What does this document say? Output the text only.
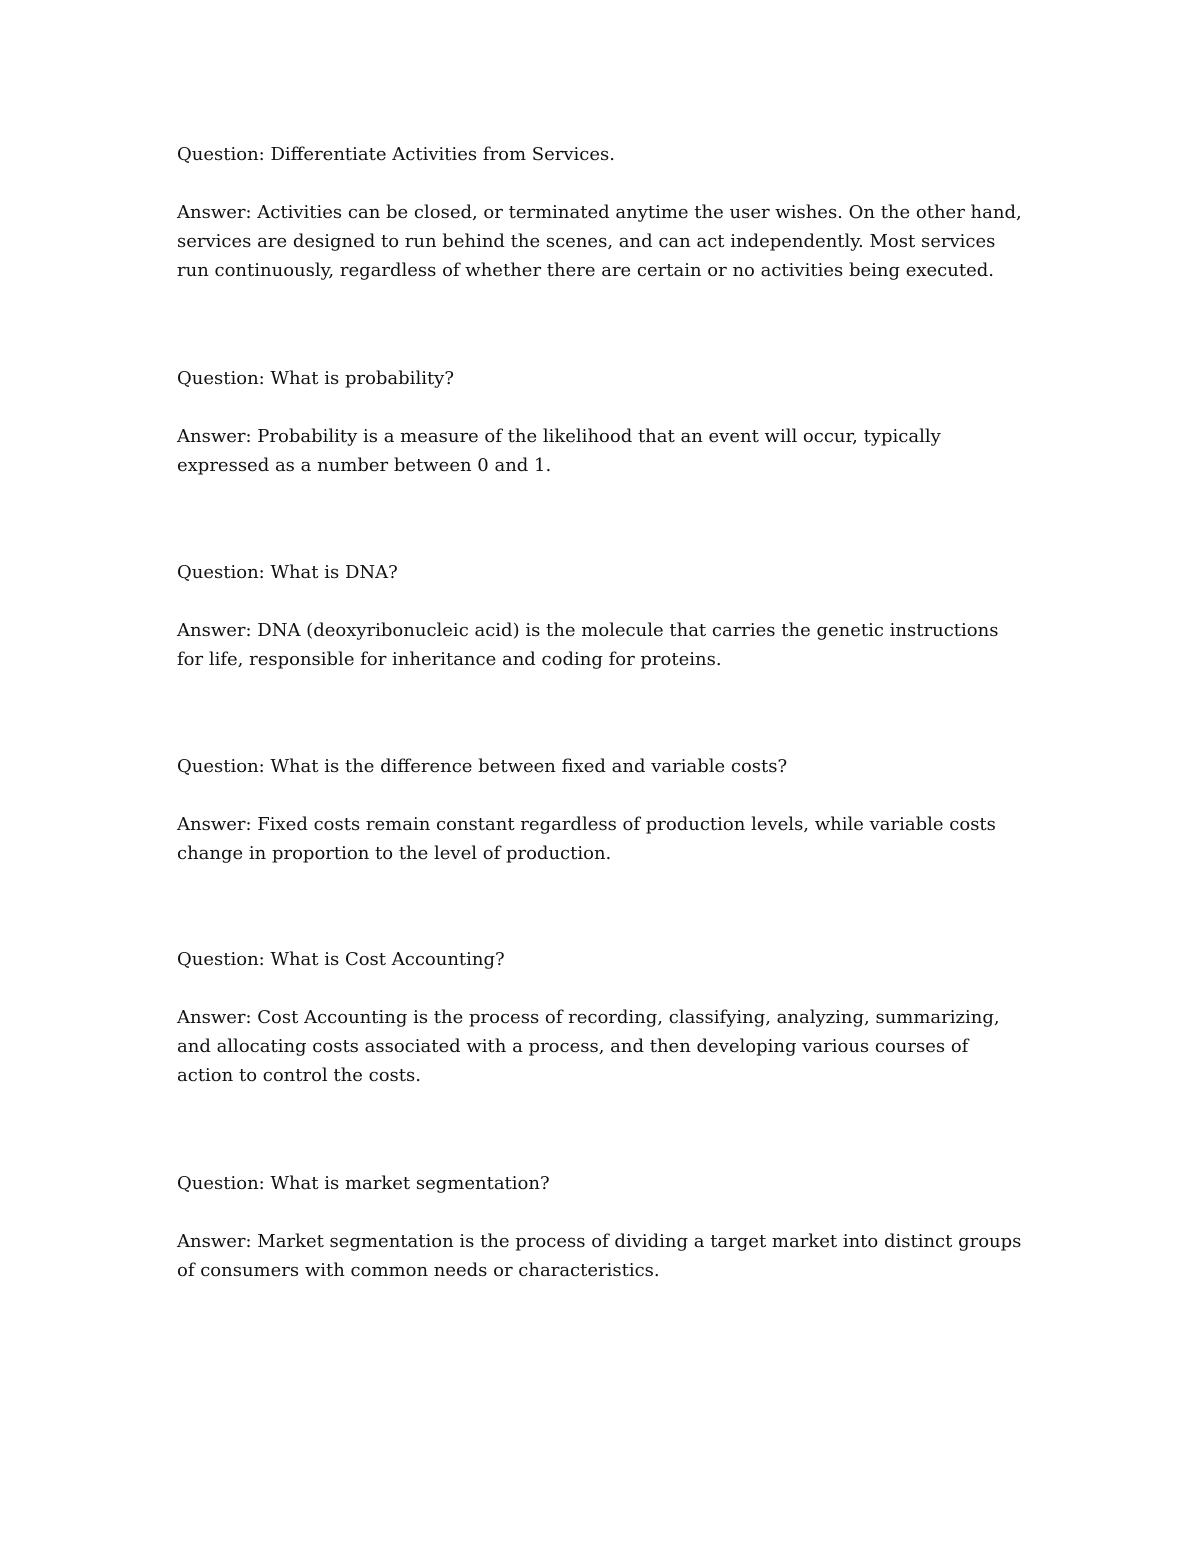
Question: Differentiate Activities from Services.

Answer: Activities can be closed, or terminated anytime the user wishes. On the other hand, services are designed to run behind the scenes, and can act independently. Most services run continuously, regardless of whether there are certain or no activities being executed.

Question: What is probability?

Answer: Probability is a measure of the likelihood that an event will occur, typically expressed as a number between 0 and 1.

Question: What is DNA?

Answer: DNA (deoxyribonucleic acid) is the molecule that carries the genetic instructions for life, responsible for inheritance and coding for proteins.

Question: What is the difference between fixed and variable costs?

Answer: Fixed costs remain constant regardless of production levels, while variable costs change in proportion to the level of production.

Question: What is Cost Accounting?

Answer: Cost Accounting is the process of recording, classifying, analyzing, summarizing, and allocating costs associated with a process, and then developing various courses of action to control the costs.

Question: What is market segmentation?

Answer: Market segmentation is the process of dividing a target market into distinct groups of consumers with common needs or characteristics.
